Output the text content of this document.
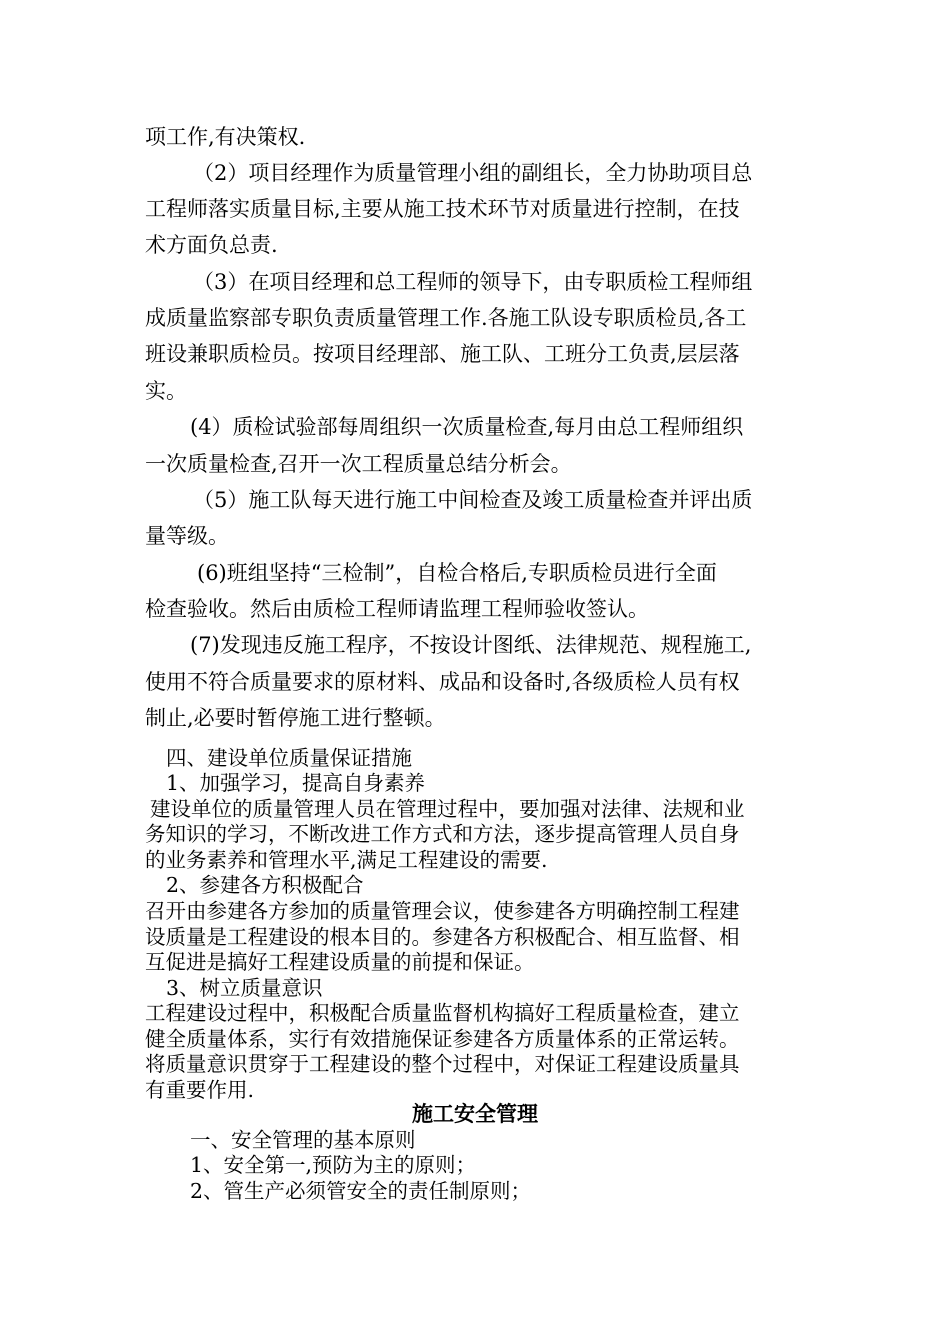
项工作,有决策权.
（2）项目经理作为质量管理小组的副组长，全力协助项目总
工程师落实质量目标,主要从施工技术环节对质量进行控制，在技
术方面负总责.
（3）在项目经理和总工程师的领导下，由专职质检工程师组
成质量监察部专职负责质量管理工作.各施工队设专职质检员,各工
班设兼职质检员。按项目经理部、施工队、工班分工负责,层层落
实。
(4）质检试验部每周组织一次质量检查,每月由总工程师组织
一次质量检查,召开一次工程质量总结分析会。
（5）施工队每天进行施工中间检查及竣工质量检查并评出质
量等级。
(6)班组坚持“三检制”，自检合格后,专职质检员进行全面
检查验收。然后由质检工程师请监理工程师验收签认。
(7)发现违反施工程序，不按设计图纸、法律规范、规程施工,
使用不符合质量要求的原材料、成品和设备时,各级质检人员有权
制止,必要时暂停施工进行整顿。
四、建设单位质量保证措施
1、加强学习，提高自身素养
建设单位的质量管理人员在管理过程中，要加强对法律、法规和业
务知识的学习，不断改进工作方式和方法，逐步提高管理人员自身
的业务素养和管理水平,满足工程建设的需要.
2、参建各方积极配合
召开由参建各方参加的质量管理会议，使参建各方明确控制工程建
设质量是工程建设的根本目的。参建各方积极配合、相互监督、相
互促进是搞好工程建设质量的前提和保证。
3、树立质量意识
工程建设过程中，积极配合质量监督机构搞好工程质量检查，建立
健全质量体系，实行有效措施保证参建各方质量体系的正常运转。
将质量意识贯穿于工程建设的整个过程中，对保证工程建设质量具
有重要作用.
施工安全管理
一、安全管理的基本原则
1、安全第一,预防为主的原则；
2、管生产必须管安全的责任制原则；
